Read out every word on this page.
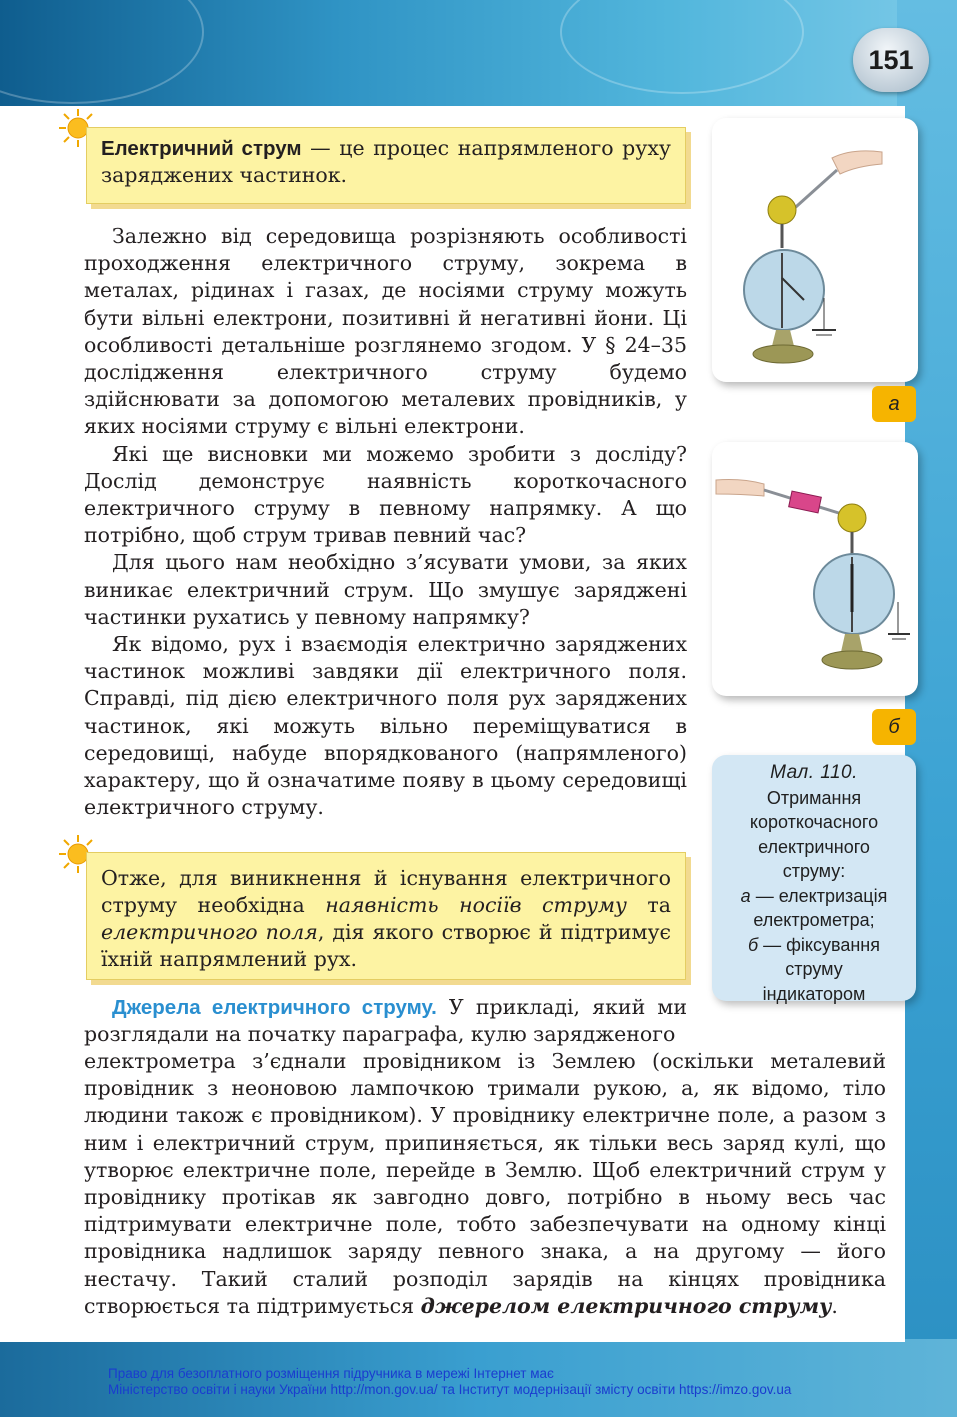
151

Електричний струм — це процес напрямленого руху заряджених частинок.

Залежно від середовища розрізняють особливості проходження електричного струму, зокрема в металах, рідинах і газах, де носіями струму можуть бути вільні електрони, позитивні й негативні йони. Ці особливості детальніше розглянемо згодом. У § 24–35 дослідження електричного струму будемо здійснювати за допомогою металевих провідників, у яких носіями струму є вільні електрони.

Які ще висновки ми можемо зробити з досліду? Дослід демонструє наявність короткочасного електричного струму в певному напрямку. А що потрібно, щоб струм тривав певний час?

Для цього нам необхідно з’ясувати умови, за яких виникає електричний струм. Що змушує заряджені частинки рухатись у певному напрямку?

Як відомо, рух і взаємодія електрично заряджених частинок можливі завдяки дії електричного поля. Справді, під дією електричного поля рух заряджених частинок, які можуть вільно переміщуватися в середовищі, набуде впорядкованого (напрямленого) характеру, що й означатиме появу в цьому середовищі електричного струму.

Отже, для виникнення й існування електричного струму необхідна наявність носіїв струму та електричного поля, дія якого створює й підтримує їхній напрямлений рух.

Джерела електричного струму. У прикладі, який ми розглядали на початку параграфа, кулю зарядженого

електрометра з’єднали провідником із Землею (оскільки металевий провідник з неоновою лампочкою тримали рукою, а, як відомо, тіло людини також є провідником). У провіднику електричне поле, а разом з ним і електричний струм, припиняється, як тільки весь заряд кулі, що утворює електричне поле, перейде в Землю. Щоб електричний струм у провіднику протікав як завгодно довго, потрібно в ньому весь час підтримувати електричне поле, тобто забезпечувати на одному кінці провідника надлишок заряду певного знака, а на другому — його нестачу. Такий сталий розподіл зарядів на кінцях провідника створюється та підтримується джерелом електричного струму.

а
б
Мал. 110.
Отримання
короткочасного
електричного
струму:
а — електризація
електрометра;
б — фіксування
струму
індикатором
Право для безоплатного розміщення підручника в мережі Інтернет має
Міністерство освіти і науки України http://mon.gov.ua/ та Інститут модернізації змісту освіти https://imzo.gov.ua
